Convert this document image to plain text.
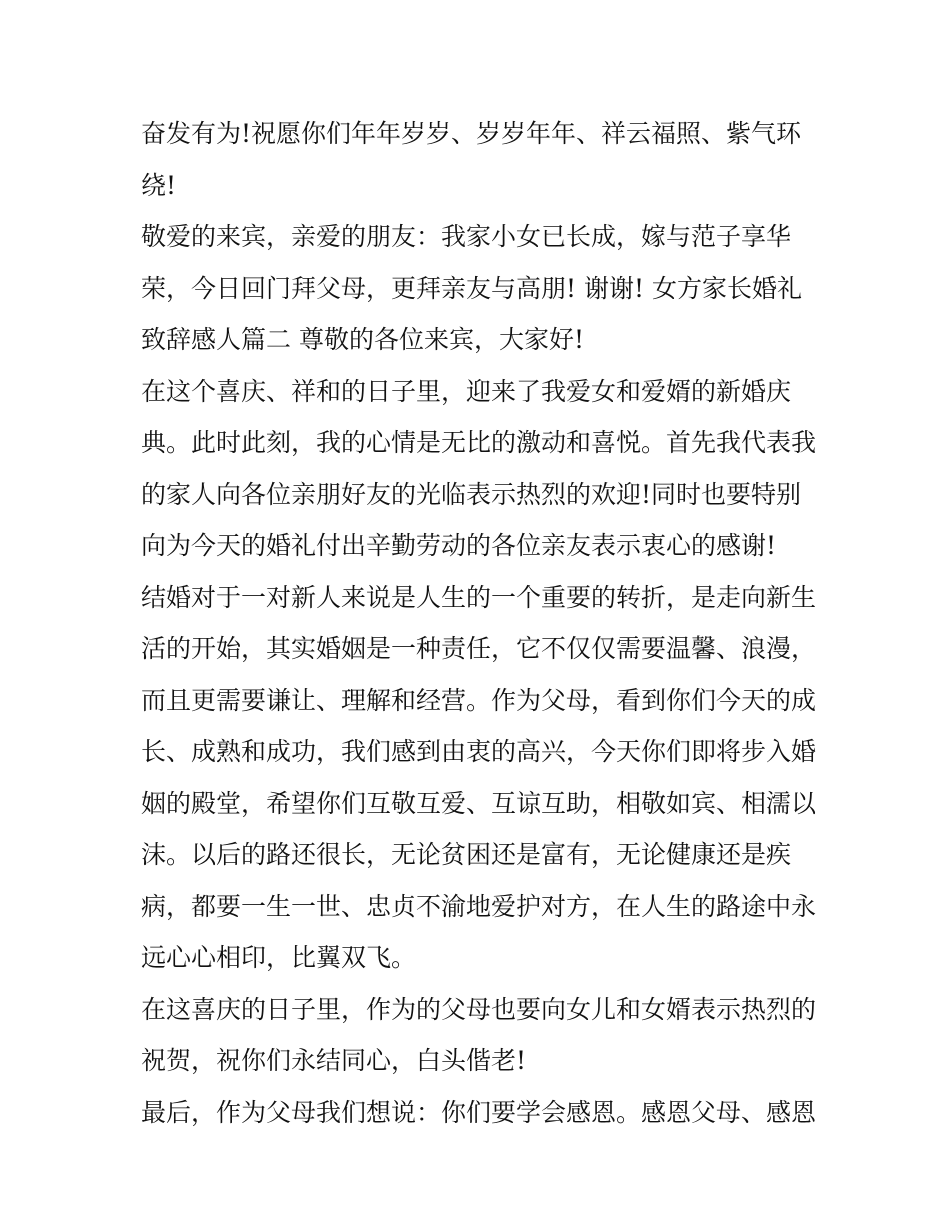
奋发有为!祝愿你们年年岁岁、岁岁年年、祥云福照、紫气环
绕!
敬爱的来宾，亲爱的朋友：我家小女已长成，嫁与范子享华
荣，今日回门拜父母，更拜亲友与高朋! 谢谢! 女方家长婚礼
致辞感人篇二 尊敬的各位来宾，大家好!
在这个喜庆、祥和的日子里，迎来了我爱女和爱婿的新婚庆
典。此时此刻，我的心情是无比的激动和喜悦。首先我代表我
的家人向各位亲朋好友的光临表示热烈的欢迎!同时也要特别
向为今天的婚礼付出辛勤劳动的各位亲友表示衷心的感谢!
结婚对于一对新人来说是人生的一个重要的转折，是走向新生
活的开始，其实婚姻是一种责任，它不仅仅需要温馨、浪漫，
而且更需要谦让、理解和经营。作为父母，看到你们今天的成
长、成熟和成功，我们感到由衷的高兴，今天你们即将步入婚
姻的殿堂，希望你们互敬互爱、互谅互助，相敬如宾、相濡以
沫。以后的路还很长，无论贫困还是富有，无论健康还是疾
病，都要一生一世、忠贞不渝地爱护对方，在人生的路途中永
远心心相印，比翼双飞。
在这喜庆的日子里，作为的父母也要向女儿和女婿表示热烈的
祝贺，祝你们永结同心，白头偕老!
最后，作为父母我们想说：你们要学会感恩。感恩父母、感恩
